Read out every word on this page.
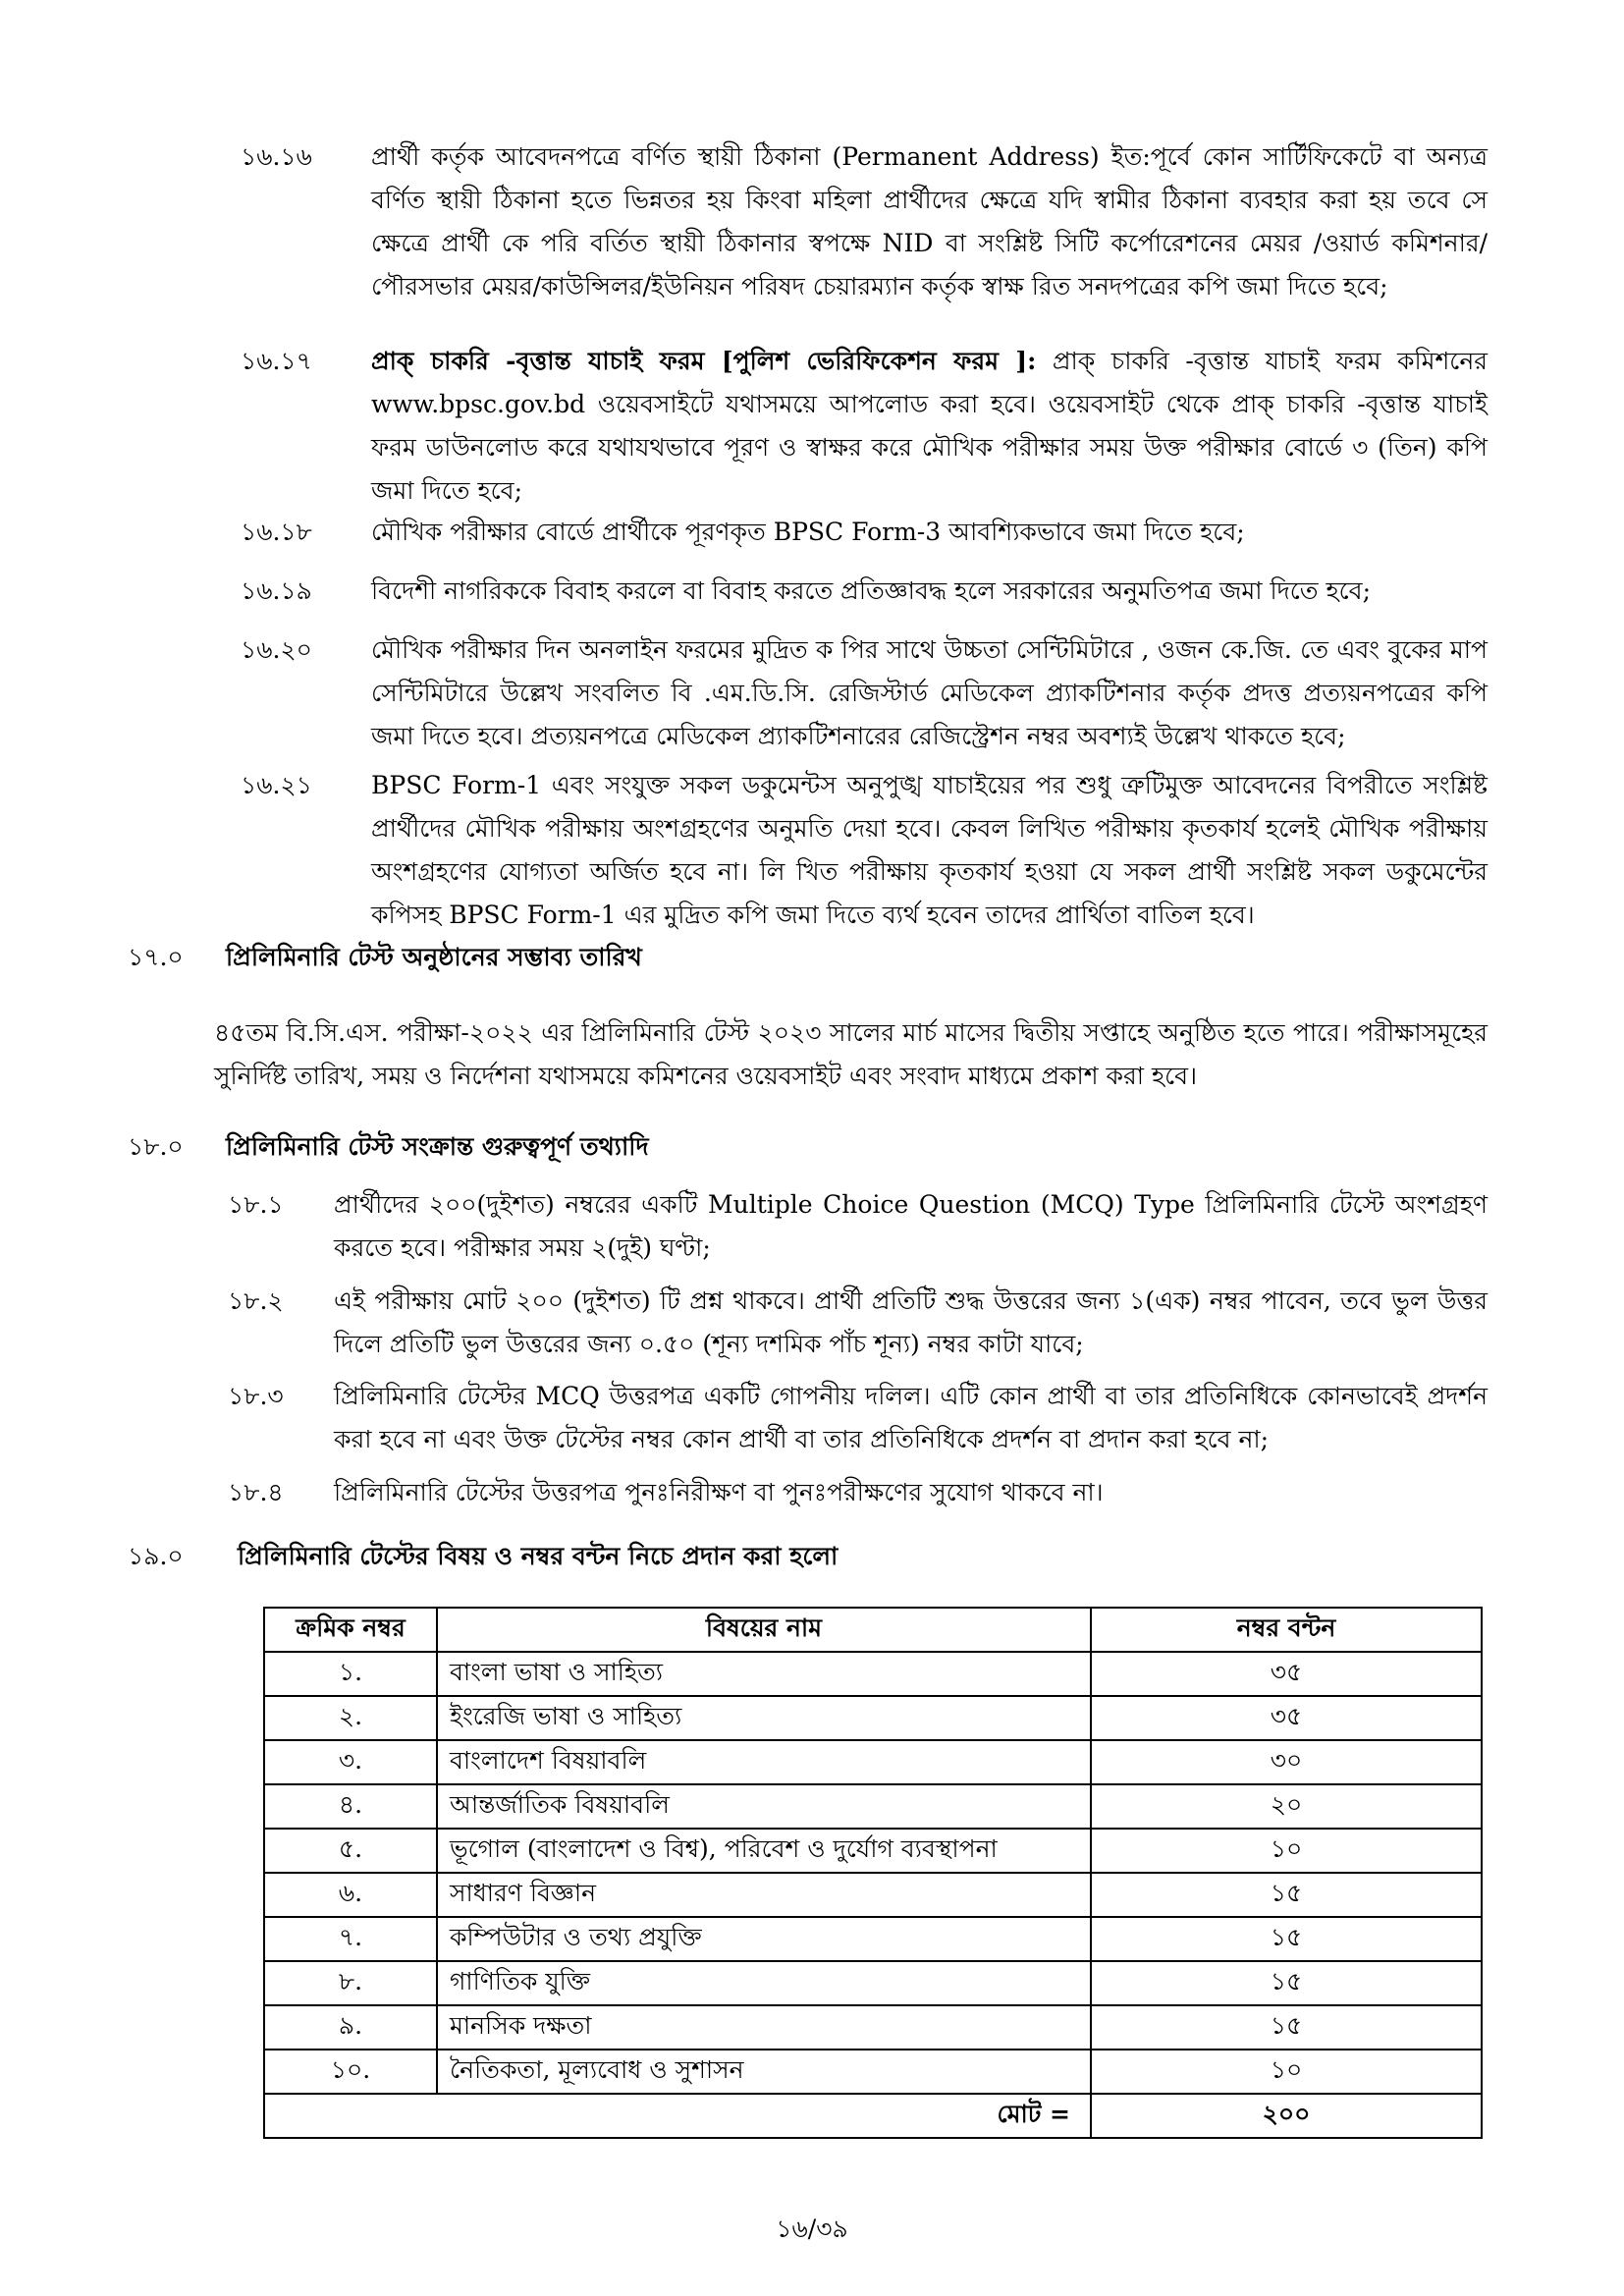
১৬.১৬	প্রার্থী কর্তৃক আবেদনপত্রে বর্ণিত স্থায়ী ঠিকানা (Permanent Address) ইত:পূর্বে কোন সার্টিফিকেটে বা অন্যত্র বর্ণিত স্থায়ী ঠিকানা হতে ভিন্নতর হয় কিংবা মহিলা প্রার্থীদের ক্ষেত্রে যদি স্বামীর ঠিকানা ব্যবহার করা হয় তবে সে ক্ষেত্রে প্রার্থী কে পরি বর্তিত স্থায়ী ঠিকানার স্বপক্ষে NID বা সংশ্লিষ্ট সিটি কর্পোরেশনের মেয়র /ওয়ার্ড কমিশনার/পৌরসভার মেয়র/কাউন্সিলর/ইউনিয়ন পরিষদ চেয়ারম্যান কর্তৃক স্বাক্ষ রিত সনদপত্রের কপি জমা দিতে হবে;
১৬.১৭	প্রাক্ চাকরি -বৃত্তান্ত যাচাই ফরম [পুলিশ ভেরিফিকেশন ফরম ]: প্রাক্ চাকরি -বৃত্তান্ত যাচাই ফরম কমিশনের www.bpsc.gov.bd ওয়েবসাইটে যথাসময়ে আপলোড করা হবে। ওয়েবসাইট থেকে প্রাক্ চাকরি -বৃত্তান্ত যাচাই ফরম ডাউনলোড করে যথাযথভাবে পূরণ ও স্বাক্ষর করে মৌখিক পরীক্ষার সময় উক্ত পরীক্ষার বোর্ডে ৩ (তিন) কপি জমা দিতে হবে;
১৬.১৮	মৌখিক পরীক্ষার বোর্ডে প্রার্থীকে পূরণকৃত BPSC Form-3 আবশ্যিকভাবে জমা দিতে হবে;
১৬.১৯	বিদেশী নাগরিককে বিবাহ করলে বা বিবাহ করতে প্রতিজ্ঞাবদ্ধ হলে সরকারের অনুমতিপত্র জমা দিতে হবে;
১৬.২০	মৌখিক পরীক্ষার দিন অনলাইন ফরমের মুদ্রিত ক পির সাথে উচ্চতা সেন্টিমিটারে , ওজন কে.জি. তে এবং বুকের মাপ সেন্টিমিটারে উল্লেখ সংবলিত বি .এম.ডি.সি. রেজিস্টার্ড মেডিকেল প্র্যাকটিশনার কর্তৃক প্রদত্ত প্রত্যয়নপত্রের কপি জমা দিতে হবে। প্রত্যয়নপত্রে মেডিকেল প্র্যাকটিশনারের রেজিস্ট্রেশন নম্বর অবশ্যই উল্লেখ থাকতে হবে;
১৬.২১	BPSC Form-1 এবং সংযুক্ত সকল ডকুমেন্টস অনুপুঙ্খ যাচাইয়ের পর শুধু ত্রুটিমুক্ত আবেদনের বিপরীতে সংশ্লিষ্ট প্রার্থীদের মৌখিক পরীক্ষায় অংশগ্রহণের অনুমতি দেয়া হবে। কেবল লিখিত পরীক্ষায় কৃতকার্য হলেই মৌখিক পরীক্ষায় অংশগ্রহণের যোগ্যতা অর্জিত হবে না। লি খিত পরীক্ষায় কৃতকার্য হওয়া যে সকল প্রার্থী সংশ্লিষ্ট সকল ডকুমেন্টের কপিসহ BPSC Form-1 এর মুদ্রিত কপি জমা দিতে ব্যর্থ হবেন তাদের প্রার্থিতা বাতিল হবে।
১৭.০	প্রিলিমিনারি টেস্ট অনুষ্ঠানের সম্ভাব্য তারিখ
৪৫তম বি.সি.এস. পরীক্ষা-২০২২ এর প্রিলিমিনারি টেস্ট ২০২৩ সালের মার্চ মাসের দ্বিতীয় সপ্তাহে অনুষ্ঠিত হতে পারে। পরীক্ষাসমূহের সুনির্দিষ্ট তারিখ, সময় ও নির্দেশনা যথাসময়ে কমিশনের ওয়েবসাইট এবং সংবাদ মাধ্যমে প্রকাশ করা হবে।
১৮.০	প্রিলিমিনারি টেস্ট সংক্রান্ত গুরুত্বপূর্ণ তথ্যাদি
১৮.১	প্রার্থীদের ২০০(দুইশত) নম্বরের একটি Multiple Choice Question (MCQ) Type প্রিলিমিনারি টেস্টে অংশগ্রহণ করতে হবে। পরীক্ষার সময় ২(দুই) ঘণ্টা;
১৮.২	এই পরীক্ষায় মোট ২০০ (দুইশত) টি প্রশ্ন থাকবে। প্রার্থী প্রতিটি শুদ্ধ উত্তরের জন্য ১(এক) নম্বর পাবেন, তবে ভুল উত্তর দিলে প্রতিটি ভুল উত্তরের জন্য ০.৫০ (শূন্য দশমিক পাঁচ শূন্য) নম্বর কাটা যাবে;
১৮.৩	প্রিলিমিনারি টেস্টের MCQ উত্তরপত্র একটি গোপনীয় দলিল। এটি কোন প্রার্থী বা তার প্রতিনিধিকে কোনভাবেই প্রদর্শন করা হবে না এবং উক্ত টেস্টের নম্বর কোন প্রার্থী বা তার প্রতিনিধিকে প্রদর্শন বা প্রদান করা হবে না;
১৮.৪	প্রিলিমিনারি টেস্টের উত্তরপত্র পুনঃনিরীক্ষণ বা পুনঃপরীক্ষণের সুযোগ থাকবে না।
১৯.০	প্রিলিমিনারি টেস্টের বিষয় ও নম্বর বন্টন নিচে প্রদান করা হলো
ক্রমিক নম্বর	বিষয়ের নাম	নম্বর বন্টন
১.	বাংলা ভাষা ও সাহিত্য	৩৫
২.	ইংরেজি ভাষা ও সাহিত্য	৩৫
৩.	বাংলাদেশ বিষয়াবলি	৩০
৪.	আন্তর্জাতিক বিষয়াবলি	২০
৫.	ভূগোল (বাংলাদেশ ও বিশ্ব), পরিবেশ ও দুর্যোগ ব্যবস্থাপনা	১০
৬.	সাধারণ বিজ্ঞান	১৫
৭.	কম্পিউটার ও তথ্য প্রযুক্তি	১৫
৮.	গাণিতিক যুক্তি	১৫
৯.	মানসিক দক্ষতা	১৫
১০.	নৈতিকতা, মূল্যবোধ ও সুশাসন	১০
মোট =		২০০
১৬/৩৯
